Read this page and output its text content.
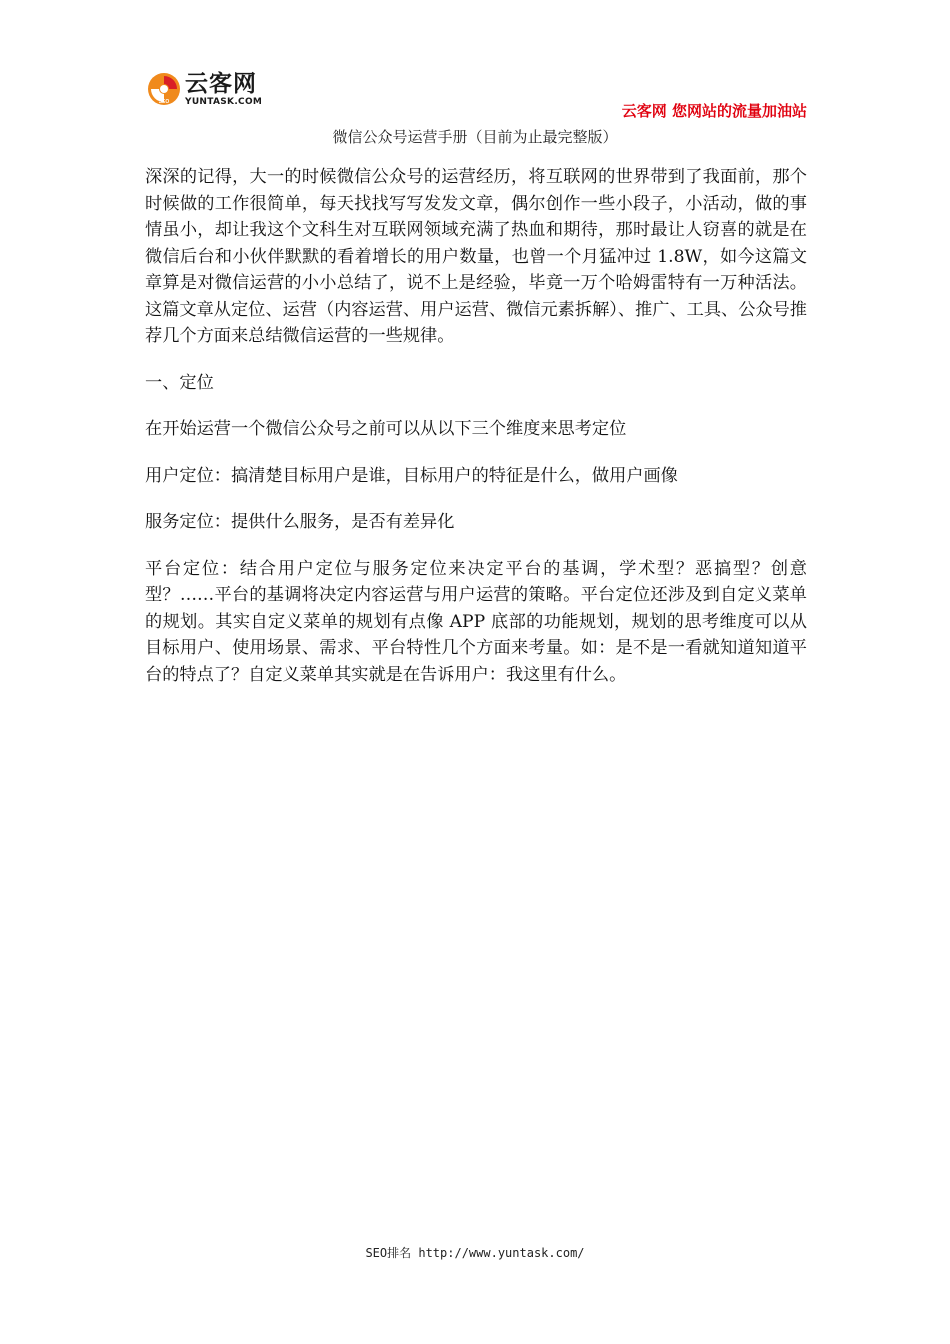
SEO
云客网
YUNTASK.COM	云客网 您网站的流量加油站
微信公众号运营手册（目前为止最完整版）

深深的记得，大一的时候微信公众号的运营经历，将互联网的世界带到了我面前，那个时候做的工作很简单，每天找找写写发发文章，偶尔创作一些小段子，小活动，做的事情虽小，却让我这个文科生对互联网领域充满了热血和期待，那时最让人窃喜的就是在微信后台和小伙伴默默的看着增长的用户数量，也曾一个月猛冲过 1.8W，如今这篇文章算是对微信运营的小小总结了，说不上是经验，毕竟一万个哈姆雷特有一万种活法。这篇文章从定位、运营（内容运营、用户运营、微信元素拆解）、推广、工具、公众号推荐几个方面来总结微信运营的一些规律。

一、定位

在开始运营一个微信公众号之前可以从以下三个维度来思考定位

用户定位：搞清楚目标用户是谁，目标用户的特征是什么，做用户画像

服务定位：提供什么服务，是否有差异化

平台定位：结合用户定位与服务定位来决定平台的基调，学术型？恶搞型？创意型？……平台的基调将决定内容运营与用户运营的策略。平台定位还涉及到自定义菜单的规划。其实自定义菜单的规划有点像 APP 底部的功能规划，规划的思考维度可以从目标用户、使用场景、需求、平台特性几个方面来考量。如：是不是一看就知道知道平台的特点了？自定义菜单其实就是在告诉用户：我这里有什么。

SEO排名 http://www.yuntask.com/
